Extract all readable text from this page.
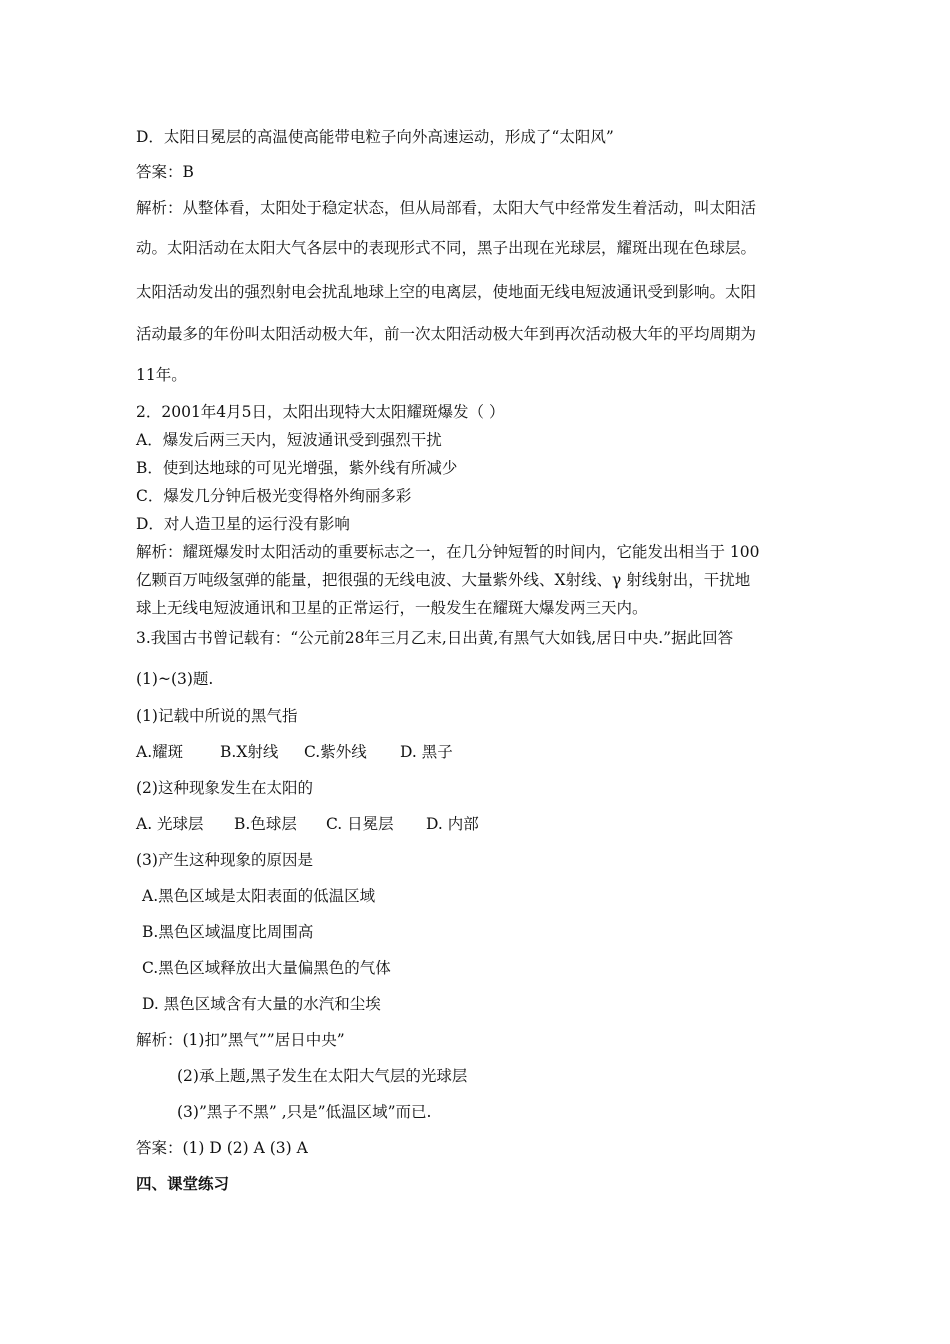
D．太阳日冕层的高温使高能带电粒子向外高速运动，形成了“太阳风”
答案：B
解析：从整体看，太阳处于稳定状态，但从局部看，太阳大气中经常发生着活动，叫太阳活
动。太阳活动在太阳大气各层中的表现形式不同，黑子出现在光球层，耀斑出现在色球层。
太阳活动发出的强烈射电会扰乱地球上空的电离层，使地面无线电短波通讯受到影响。太阳
活动最多的年份叫太阳活动极大年，前一次太阳活动极大年到再次活动极大年的平均周期为
11年。
2．2001年4月5日，太阳出现特大太阳耀斑爆发（ ）
A．爆发后两三天内，短波通讯受到强烈干扰
B．使到达地球的可见光增强，紫外线有所减少
C．爆发几分钟后极光变得格外绚丽多彩
D．对人造卫星的运行没有影响
解析：耀斑爆发时太阳活动的重要标志之一，在几分钟短暂的时间内，它能发出相当于 100
亿颗百万吨级氢弹的能量，把很强的无线电波、大量紫外线、X射线、γ 射线射出，干扰地
球上无线电短波通讯和卫星的正常运行，一般发生在耀斑大爆发两三天内。
3.我国古书曾记载有：“公元前28年三月乙末,日出黄,有黑气大如钱,居日中央.”据此回答
(1)~(3)题.
(1)记载中所说的黑气指
A.耀斑 B.X射线 C.紫外线 D. 黑子
(2)这种现象发生在太阳的
A. 光球层 B.色球层 C. 日冕层 D. 内部
(3)产生这种现象的原因是
A.黑色区域是太阳表面的低温区域
B.黑色区域温度比周围高
C.黑色区域释放出大量偏黑色的气体
D. 黑色区域含有大量的水汽和尘埃
解析：(1)扣”黑气””居日中央”
(2)承上题,黑子发生在太阳大气层的光球层
(3)”黑子不黑” ,只是”低温区域”而已.
答案：(1) D (2) A (3) A
四、课堂练习
